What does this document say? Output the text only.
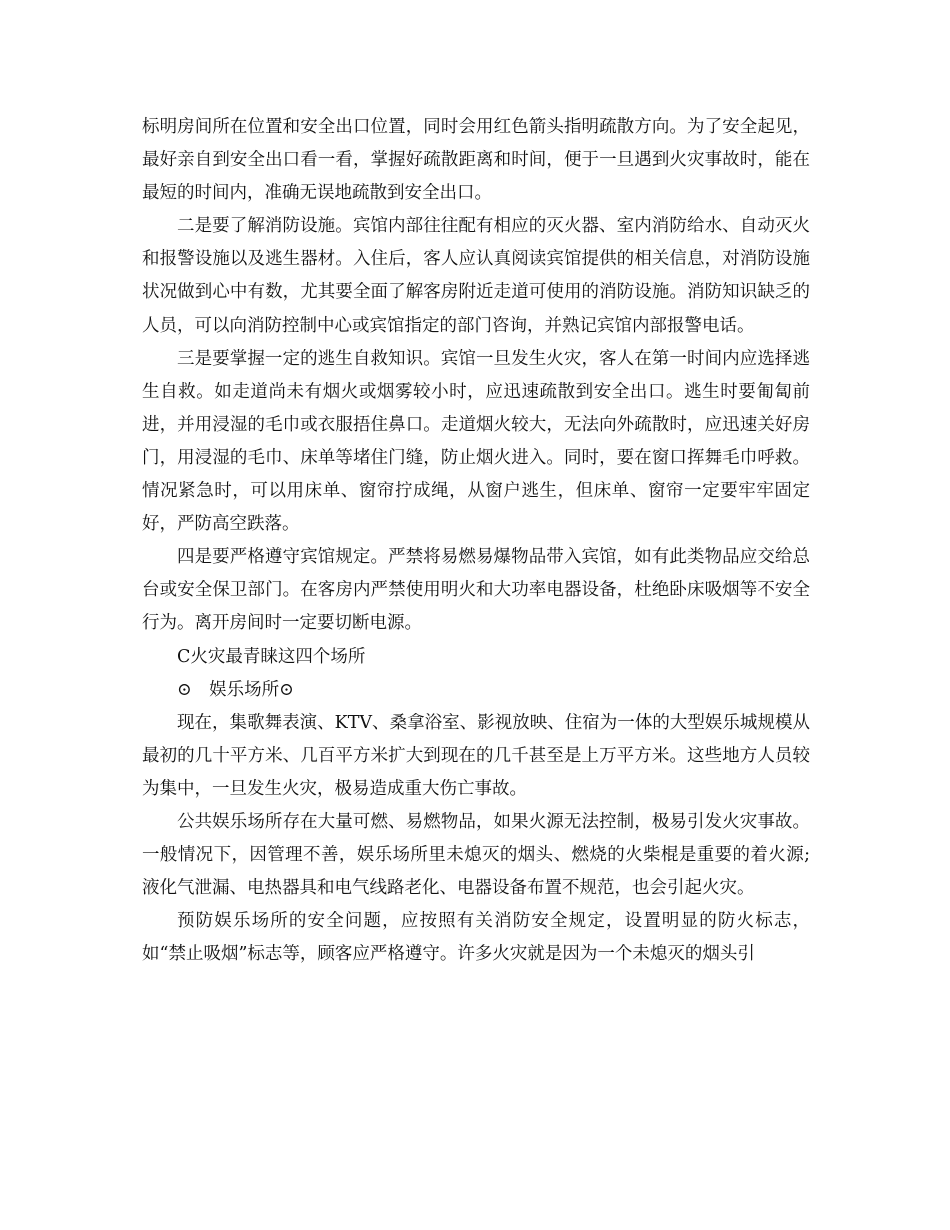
标明房间所在位置和安全出口位置，同时会用红色箭头指明疏散方向。为了安全起见，最好亲自到安全出口看一看，掌握好疏散距离和时间，便于一旦遇到火灾事故时，能在最短的时间内，准确无误地疏散到安全出口。

二是要了解消防设施。宾馆内部往往配有相应的灭火器、室内消防给水、自动灭火和报警设施以及逃生器材。入住后，客人应认真阅读宾馆提供的相关信息，对消防设施状况做到心中有数，尤其要全面了解客房附近走道可使用的消防设施。消防知识缺乏的人员，可以向消防控制中心或宾馆指定的部门咨询，并熟记宾馆内部报警电话。

三是要掌握一定的逃生自救知识。宾馆一旦发生火灾，客人在第一时间内应选择逃生自救。如走道尚未有烟火或烟雾较小时，应迅速疏散到安全出口。逃生时要匍匐前进，并用浸湿的毛巾或衣服捂住鼻口。走道烟火较大，无法向外疏散时，应迅速关好房门，用浸湿的毛巾、床单等堵住门缝，防止烟火进入。同时，要在窗口挥舞毛巾呼救。情况紧急时，可以用床单、窗帘拧成绳，从窗户逃生，但床单、窗帘一定要牢牢固定好，严防高空跌落。

四是要严格遵守宾馆规定。严禁将易燃易爆物品带入宾馆，如有此类物品应交给总台或安全保卫部门。在客房内严禁使用明火和大功率电器设备，杜绝卧床吸烟等不安全行为。离开房间时一定要切断电源。

C火灾最青睐这四个场所

⊙　娱乐场所⊙

现在，集歌舞表演、KTV、桑拿浴室、影视放映、住宿为一体的大型娱乐城规模从最初的几十平方米、几百平方米扩大到现在的几千甚至是上万平方米。这些地方人员较为集中，一旦发生火灾，极易造成重大伤亡事故。

公共娱乐场所存在大量可燃、易燃物品，如果火源无法控制，极易引发火灾事故。一般情况下，因管理不善，娱乐场所里未熄灭的烟头、燃烧的火柴棍是重要的着火源;液化气泄漏、电热器具和电气线路老化、电器设备布置不规范，也会引起火灾。

预防娱乐场所的安全问题，应按照有关消防安全规定，设置明显的防火标志，如“禁止吸烟”标志等，顾客应严格遵守。许多火灾就是因为一个未熄灭的烟头引
